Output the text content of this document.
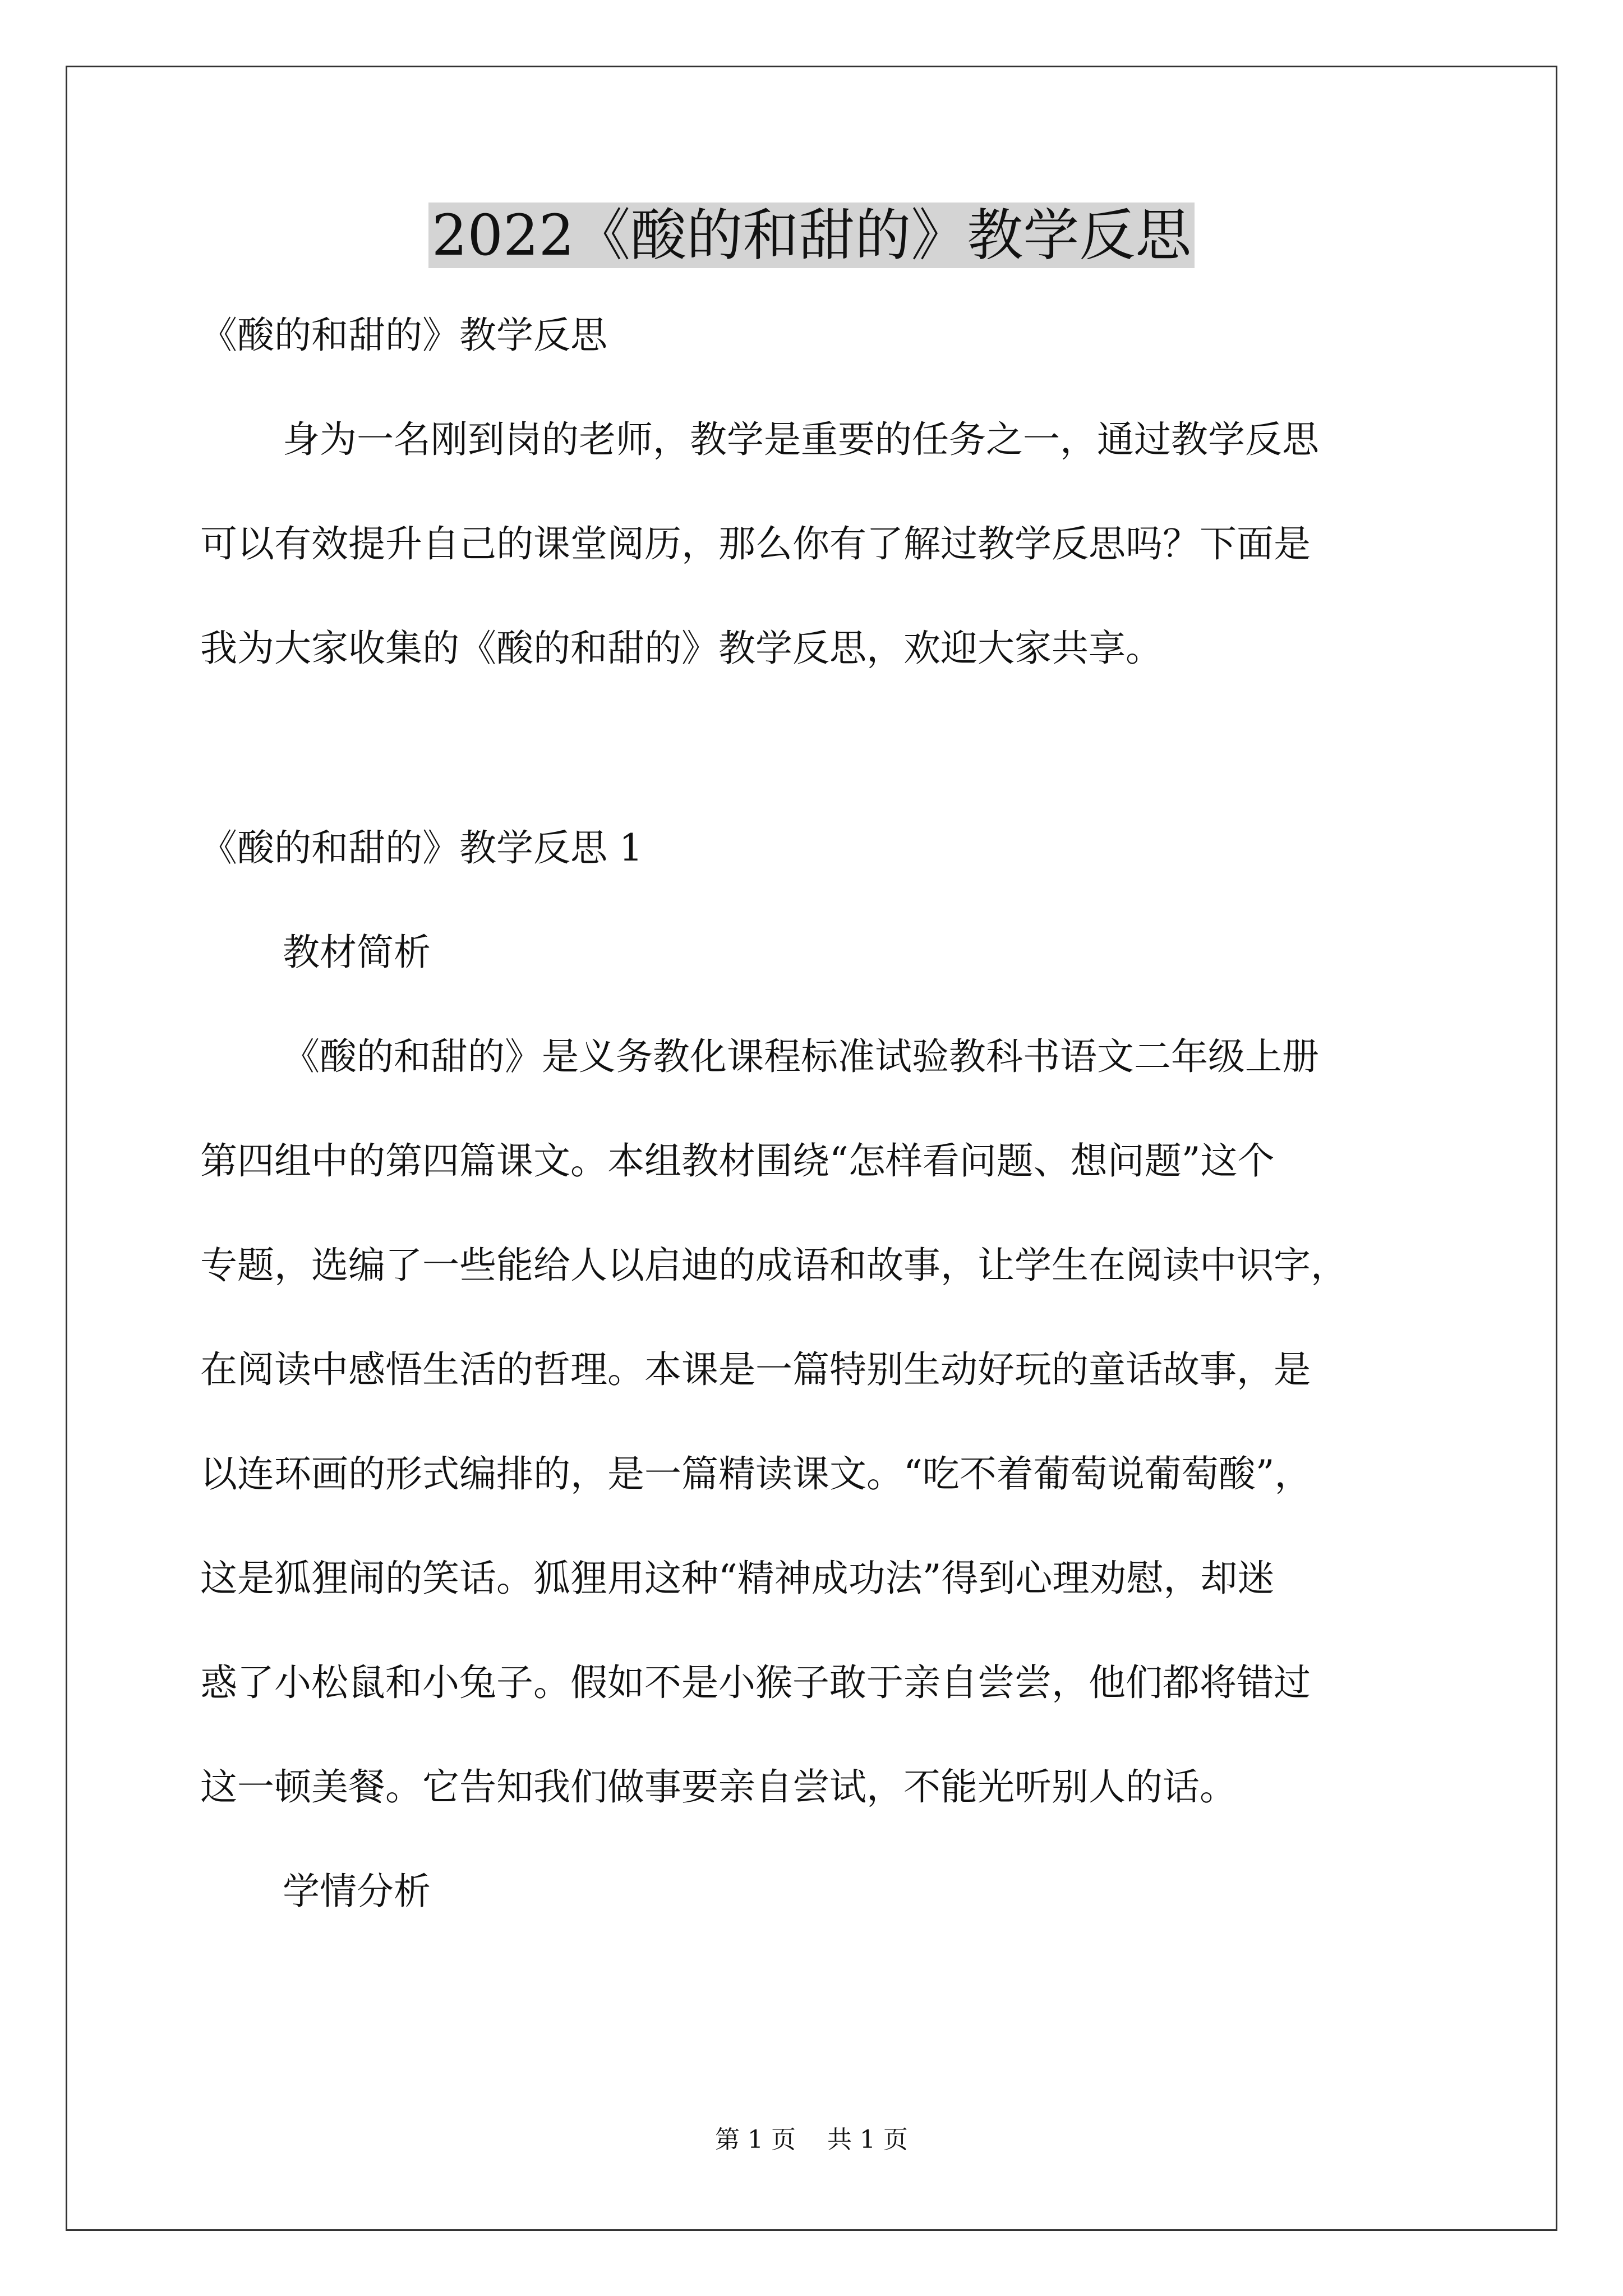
2022《酸的和甜的》教学反思

《酸的和甜的》教学反思

身为一名刚到岗的老师，教学是重要的任务之一，通过教学反思

可以有效提升自己的课堂阅历，那么你有了解过教学反思吗？下面是

我为大家收集的《酸的和甜的》教学反思，欢迎大家共享。

《酸的和甜的》教学反思 1

教材简析

《酸的和甜的》是义务教化课程标准试验教科书语文二年级上册

第四组中的第四篇课文。本组教材围绕“怎样看问题、想问题”这个

专题，选编了一些能给人以启迪的成语和故事，让学生在阅读中识字，

在阅读中感悟生活的哲理。本课是一篇特别生动好玩的童话故事，是

以连环画的形式编排的，是一篇精读课文。“吃不着葡萄说葡萄酸”，

这是狐狸闹的笑话。狐狸用这种“精神成功法”得到心理劝慰，却迷

惑了小松鼠和小兔子。假如不是小猴子敢于亲自尝尝，他们都将错过

这一顿美餐。它告知我们做事要亲自尝试，不能光听别人的话。

学情分析

第 1 页    共 1 页
